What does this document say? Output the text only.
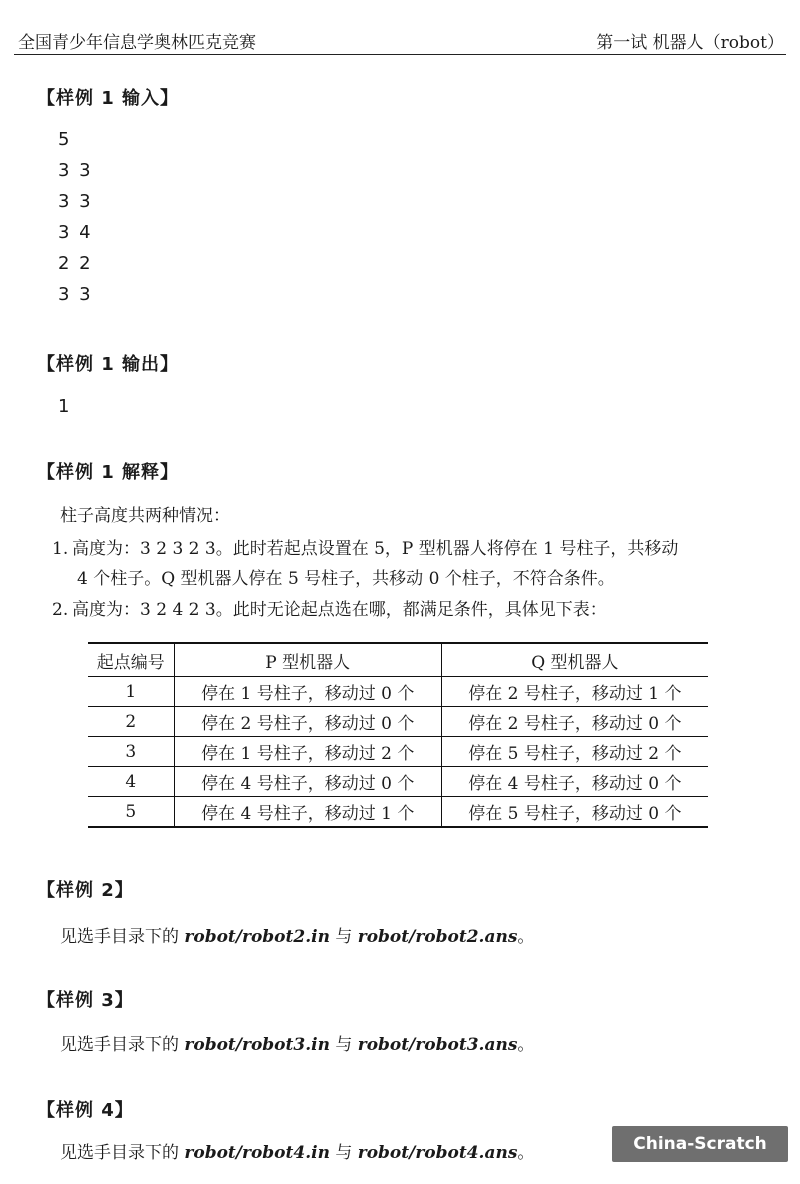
全国青少年信息学奥林匹克竞赛	第一试 机器人（robot）
【样例 1 输入】
5
3 3
3 3
3 4
2 2
3 3
【样例 1 输出】
1
【样例 1 解释】
柱子高度共两种情况：
1. 高度为：3 2 3 2 3。此时若起点设置在 5，P 型机器人将停在 1 号柱子，共移动
4 个柱子。Q 型机器人停在 5 号柱子，共移动 0 个柱子，不符合条件。
2. 高度为：3 2 4 2 3。此时无论起点选在哪，都满足条件，具体见下表：
起点编号	P 型机器人	Q 型机器人
1	停在 1 号柱子，移动过 0 个	停在 2 号柱子，移动过 1 个
2	停在 2 号柱子，移动过 0 个	停在 2 号柱子，移动过 0 个
3	停在 1 号柱子，移动过 2 个	停在 5 号柱子，移动过 2 个
4	停在 4 号柱子，移动过 0 个	停在 4 号柱子，移动过 0 个
5	停在 4 号柱子，移动过 1 个	停在 5 号柱子，移动过 0 个
【样例 2】
见选手目录下的 robot/robot2.in 与 robot/robot2.ans。
【样例 3】
见选手目录下的 robot/robot3.in 与 robot/robot3.ans。
【样例 4】
见选手目录下的 robot/robot4.in 与 robot/robot4.ans。	China-Scratch
